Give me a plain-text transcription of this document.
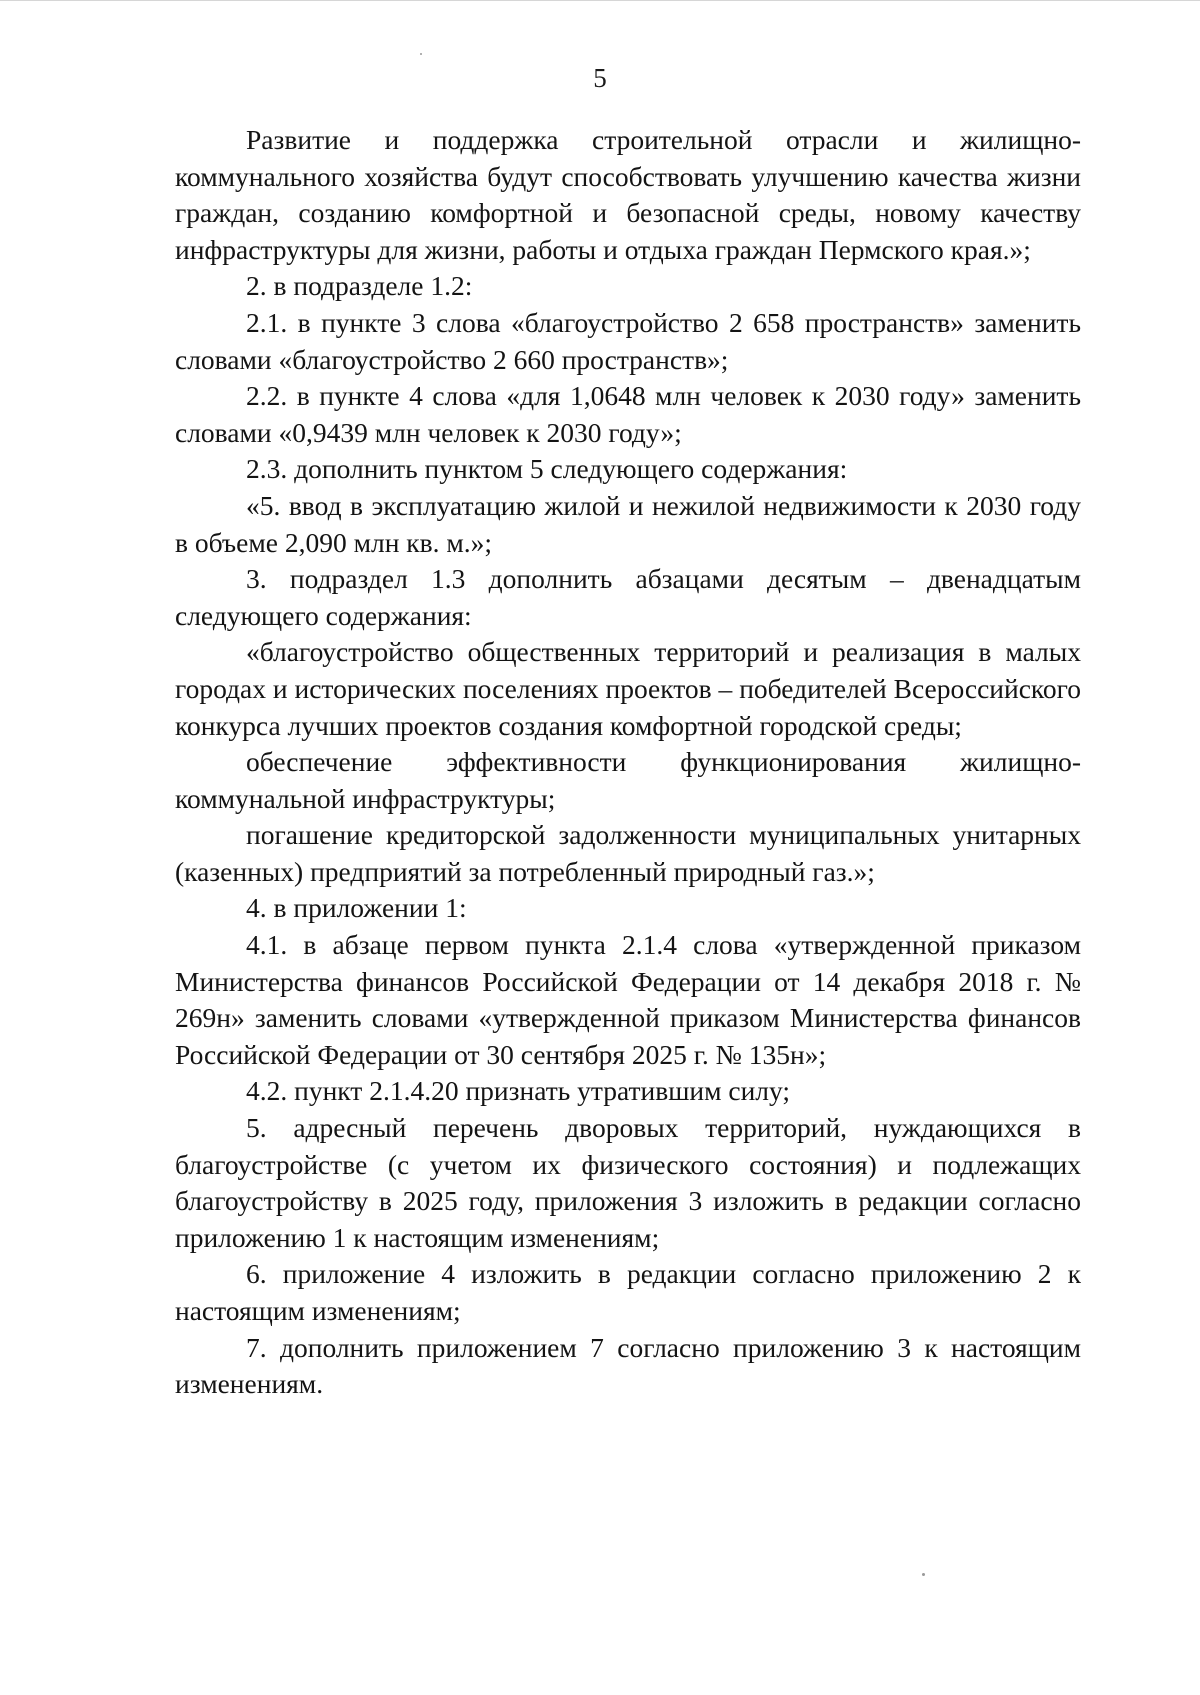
5

Развитие и поддержка строительной отрасли и жилищно-коммунального хозяйства будут способствовать улучшению качества жизни граждан, созданию комфортной и безопасной среды, новому качеству инфраструктуры для жизни, работы и отдыха граждан Пермского края.»;

2. в подразделе 1.2:

2.1. в пункте 3 слова «благоустройство 2 658 пространств» заменить словами «благоустройство 2 660 пространств»;

2.2. в пункте 4 слова «для 1,0648 млн человек к 2030 году» заменить словами «0,9439 млн человек к 2030 году»;

2.3. дополнить пунктом 5 следующего содержания:

«5. ввод в эксплуатацию жилой и нежилой недвижимости к 2030 году в объеме 2,090 млн кв. м.»;

3. подраздел 1.3 дополнить абзацами десятым – двенадцатым следующего содержания:

«благоустройство общественных территорий и реализация в малых городах и исторических поселениях проектов – победителей Всероссийского конкурса лучших проектов создания комфортной городской среды;

обеспечение эффективности функционирования жилищно-коммунальной инфраструктуры;

погашение кредиторской задолженности муниципальных унитарных (казенных) предприятий за потребленный природный газ.»;

4. в приложении 1:

4.1. в абзаце первом пункта 2.1.4 слова «утвержденной приказом Министерства финансов Российской Федерации от 14 декабря 2018 г. № 269н» заменить словами «утвержденной приказом Министерства финансов Российской Федерации от 30 сентября 2025 г. № 135н»;

4.2. пункт 2.1.4.20 признать утратившим силу;

5. адресный перечень дворовых территорий, нуждающихся в благоустройстве (с учетом их физического состояния) и подлежащих благоустройству в 2025 году, приложения 3 изложить в редакции согласно приложению 1 к настоящим изменениям;

6. приложение 4 изложить в редакции согласно приложению 2 к настоящим изменениям;

7. дополнить приложением 7 согласно приложению 3 к настоящим изменениям.
